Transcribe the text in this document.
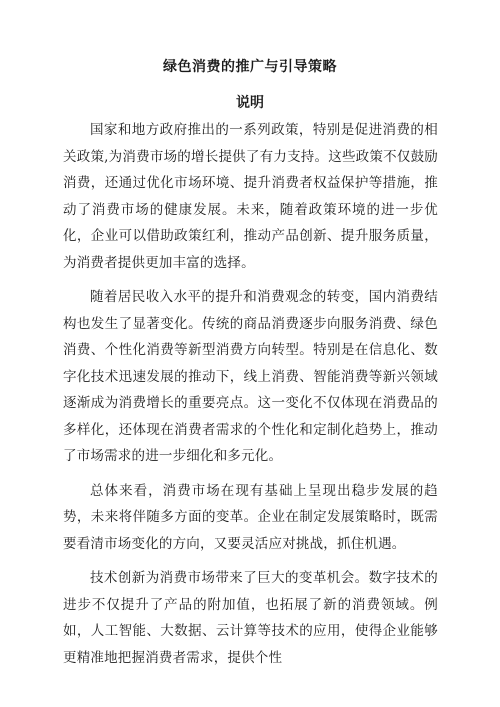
绿色消费的推广与引导策略
说明

国家和地方政府推出的一系列政策，特别是促进消费的相关政策,为消费市场的增长提供了有力支持。这些政策不仅鼓励消费，还通过优化市场环境、提升消费者权益保护等措施，推动了消费市场的健康发展。未来，随着政策环境的进一步优化，企业可以借助政策红利，推动产品创新、提升服务质量，为消费者提供更加丰富的选择。

随着居民收入水平的提升和消费观念的转变，国内消费结构也发生了显著变化。传统的商品消费逐步向服务消费、绿色消费、个性化消费等新型消费方向转型。特别是在信息化、数字化技术迅速发展的推动下，线上消费、智能消费等新兴领域逐渐成为消费增长的重要亮点。这一变化不仅体现在消费品的多样化，还体现在消费者需求的个性化和定制化趋势上，推动了市场需求的进一步细化和多元化。

总体来看，消费市场在现有基础上呈现出稳步发展的趋势，未来将伴随多方面的变革。企业在制定发展策略时，既需要看清市场变化的方向，又要灵活应对挑战，抓住机遇。

技术创新为消费市场带来了巨大的变革机会。数字技术的进步不仅提升了产品的附加值，也拓展了新的消费领域。例如，人工智能、大数据、云计算等技术的应用，使得企业能够更精准地把握消费者需求，提供个性
